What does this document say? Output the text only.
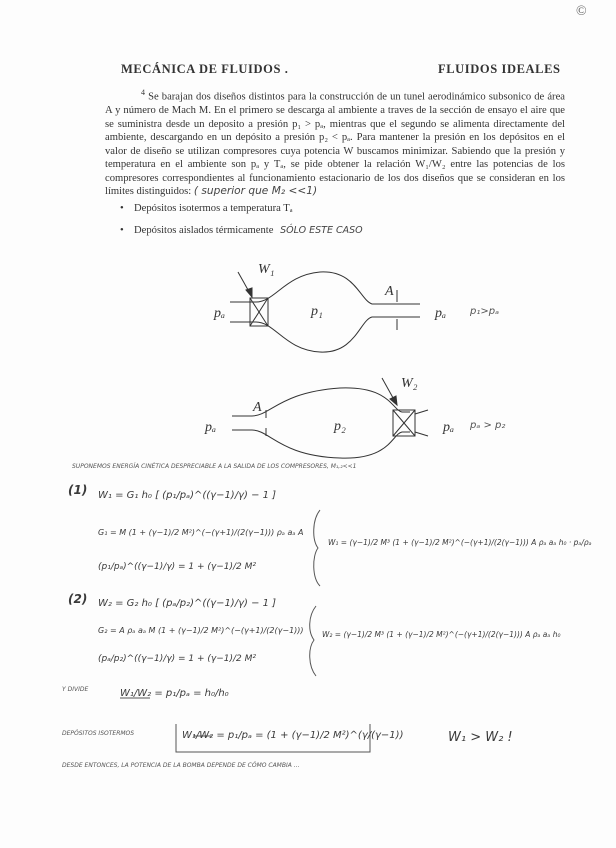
©
MECÁNICA DE FLUIDOS .	FLUIDOS IDEALES

$^4$ Se barajan dos diseños distintos para la construcción de un tunel aerodinámico subsonico de área A y número de Mach M. En el primero se descarga al ambiente a traves de la sección de ensayo el aire que se suministra desde un deposito a presión p₁ > pₐ, mientras que el segundo se alimenta directamente del ambiente, descargando en un depósito a presión p₂ < pₐ. Para mantener la presión en los depósitos en el valor de diseño se utilizan compresores cuya potencia W buscamos minimizar. Sabiendo que la presión y temperatura en el ambiente son pₐ y Tₐ, se pide obtener la relación W₁/W₂ entre las potencias de los compresores correspondientes al funcionamiento estacionario de los dos diseños que se consideran en los límites distinguidos: ( superior que M₂ <<1)

• Depósitos isotermos a temperatura Tₐ
• Depósitos aislados térmicamente SÓLO ESTE CASO
W₁
pₐ	p₁
A
pₐ p₁>pₐ
W₂
pₐ
A
p₂	pₐ pₐ > p₂
SUPONEMOS ENERGÍA CINÉTICA DESPRECIABLE A LA SALIDA DE LOS COMPRESORES, M₁,₂<<1
(1) W₁ = G₁ h₀ [ (p₁/pₐ)^((γ−1)/γ) − 1 ]
G₁ = M (1 + (γ−1)/2 M²)^(−(γ+1)/(2(γ−1))) ρₐ aₐ A
(p₁/pₐ)^((γ−1)/γ) = 1 + (γ−1)/2 M²
W₁ = (γ−1)/2 M³ (1 + (γ−1)/2 M²)^(−(γ+1)/(2(γ−1))) A ρₐ aₐ h₀ · pₐ/ρₐ
(2) W₂ = G₂ h₀ [ (pₐ/p₂)^((γ−1)/γ) − 1 ]
G₂ = A ρₐ aₐ M (1 + (γ−1)/2 M²)^(−(γ+1)/(2(γ−1)))
(pₐ/p₂)^((γ−1)/γ) = 1 + (γ−1)/2 M²
W₂ = (γ−1)/2 M³ (1 + (γ−1)/2 M²)^(−(γ+1)/(2(γ−1))) A ρₐ aₐ h₀
Y DIVIDE	W₁/W₂ = p₁/pₐ = h₀/h₀
DEPÓSITOS ISOTERMOS	W₁/W₂ = p₁/pₐ = (1 + (γ−1)/2 M²)^(γ/(γ−1))	W₁ > W₂ !
DESDE ENTONCES, LA POTENCIA DE LA BOMBA DEPENDE DE CÓMO CAMBIA ...
